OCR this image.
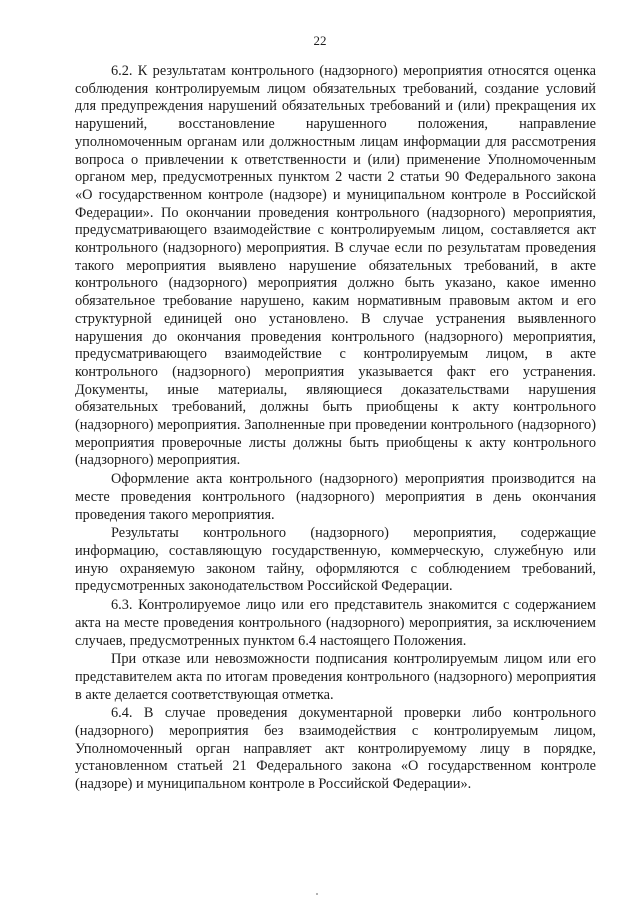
22

6.2. К результатам контрольного (надзорного) мероприятия относятся оценка соблюдения контролируемым лицом обязательных требований, создание условий для предупреждения нарушений обязательных требований и (или) прекращения их нарушений, восстановление нарушенного положения, направление уполномоченным органам или должностным лицам информации для рассмотрения вопроса о привлечении к ответственности и (или) применение Уполномоченным органом мер, предусмотренных пунктом 2 части 2 статьи 90 Федерального закона «О государственном контроле (надзоре) и муниципальном контроле в Российской Федерации». По окончании проведения контрольного (надзорного) мероприятия, предусматривающего взаимодействие с контролируемым лицом, составляется акт контрольного (надзорного) мероприятия. В случае если по результатам проведения такого мероприятия выявлено нарушение обязательных требований, в акте контрольного (надзорного) мероприятия должно быть указано, какое именно обязательное требование нарушено, каким нормативным правовым актом и его структурной единицей оно установлено. В случае устранения выявленного нарушения до окончания проведения контрольного (надзорного) мероприятия, предусматривающего взаимодействие с контролируемым лицом, в акте контрольного (надзорного) мероприятия указывается факт его устранения. Документы, иные материалы, являющиеся доказательствами нарушения обязательных требований, должны быть приобщены к акту контрольного (надзорного) мероприятия. Заполненные при проведении контрольного (надзорного) мероприятия проверочные листы должны быть приобщены к акту контрольного (надзорного) мероприятия.

Оформление акта контрольного (надзорного) мероприятия производится на месте проведения контрольного (надзорного) мероприятия в день окончания проведения такого мероприятия.

Результаты контрольного (надзорного) мероприятия, содержащие информацию, составляющую государственную, коммерческую, служебную или иную охраняемую законом тайну, оформляются с соблюдением требований, предусмотренных законодательством Российской Федерации.

6.3. Контролируемое лицо или его представитель знакомится с содержанием акта на месте проведения контрольного (надзорного) мероприятия, за исключением случаев, предусмотренных пунктом 6.4 настоящего Положения.

При отказе или невозможности подписания контролируемым лицом или его представителем акта по итогам проведения контрольного (надзорного) мероприятия в акте делается соответствующая отметка.

6.4. В случае проведения документарной проверки либо контрольного (надзорного) мероприятия без взаимодействия с контролируемым лицом, Уполномоченный орган направляет акт контролируемому лицу в порядке, установленном статьей 21 Федерального закона «О государственном контроле (надзоре) и муниципальном контроле в Российской Федерации».
